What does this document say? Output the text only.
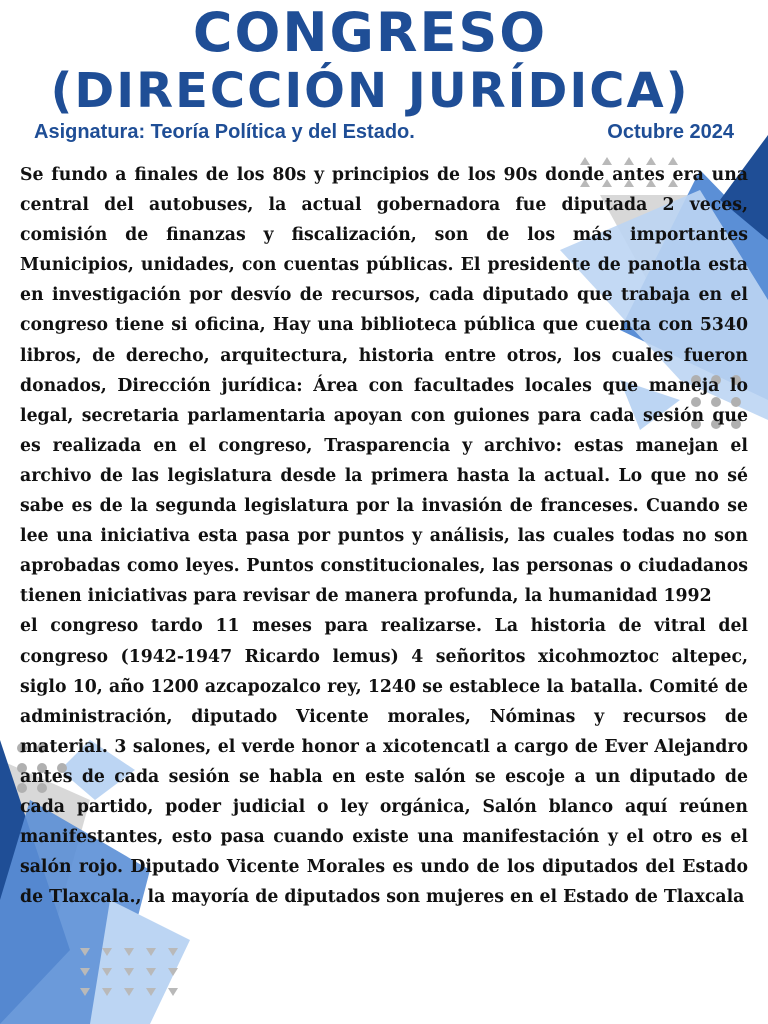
CONGRESO
(DIRECCIÓN JURÍDICA)
Asignatura: Teoría Política y del Estado.	Octubre 2024

Se fundo a finales de los 80s y principios de los 90s donde antes era una central del autobuses, la actual gobernadora fue diputada 2 veces, comisión de finanzas y fiscalización, son de los más importantes Municipios, unidades, con cuentas públicas. El presidente de panotla esta en investigación por desvío de recursos, cada diputado que trabaja en el congreso tiene si oficina, Hay una biblioteca pública que cuenta con 5340 libros, de derecho, arquitectura, historia entre otros, los cuales fueron donados, Dirección jurídica: Área con facultades locales que maneja lo legal, secretaria parlamentaria apoyan con guiones para cada sesión que es realizada en el congreso, Trasparencia y archivo: estas manejan el archivo de las legislatura desde la primera hasta la actual. Lo que no sé sabe es de la segunda legislatura por la invasión de franceses. Cuando se lee una iniciativa esta pasa por puntos y análisis, las cuales todas no son aprobadas como leyes. Puntos constitucionales, las personas o ciudadanos tienen iniciativas para revisar de manera profunda, la humanidad 1992

el congreso tardo 11 meses para realizarse. La historia de vitral del congreso (1942-1947 Ricardo lemus) 4 señoritos xicohmoztoc altepec, siglo 10, año 1200 azcapozalco rey, 1240 se establece la batalla. Comité de administración, diputado Vicente morales, Nóminas y recursos de material. 3 salones, el verde honor a xicotencatl a cargo de Ever Alejandro antes de cada sesión se habla en este salón se escoje a un diputado de cada partido, poder judicial o ley orgánica, Salón blanco aquí reúnen manifestantes, esto pasa cuando existe una manifestación y el otro es el salón rojo. Diputado Vicente Morales es undo de los diputados del Estado de Tlaxcala., la mayoría de diputados son mujeres en el Estado de Tlaxcala
